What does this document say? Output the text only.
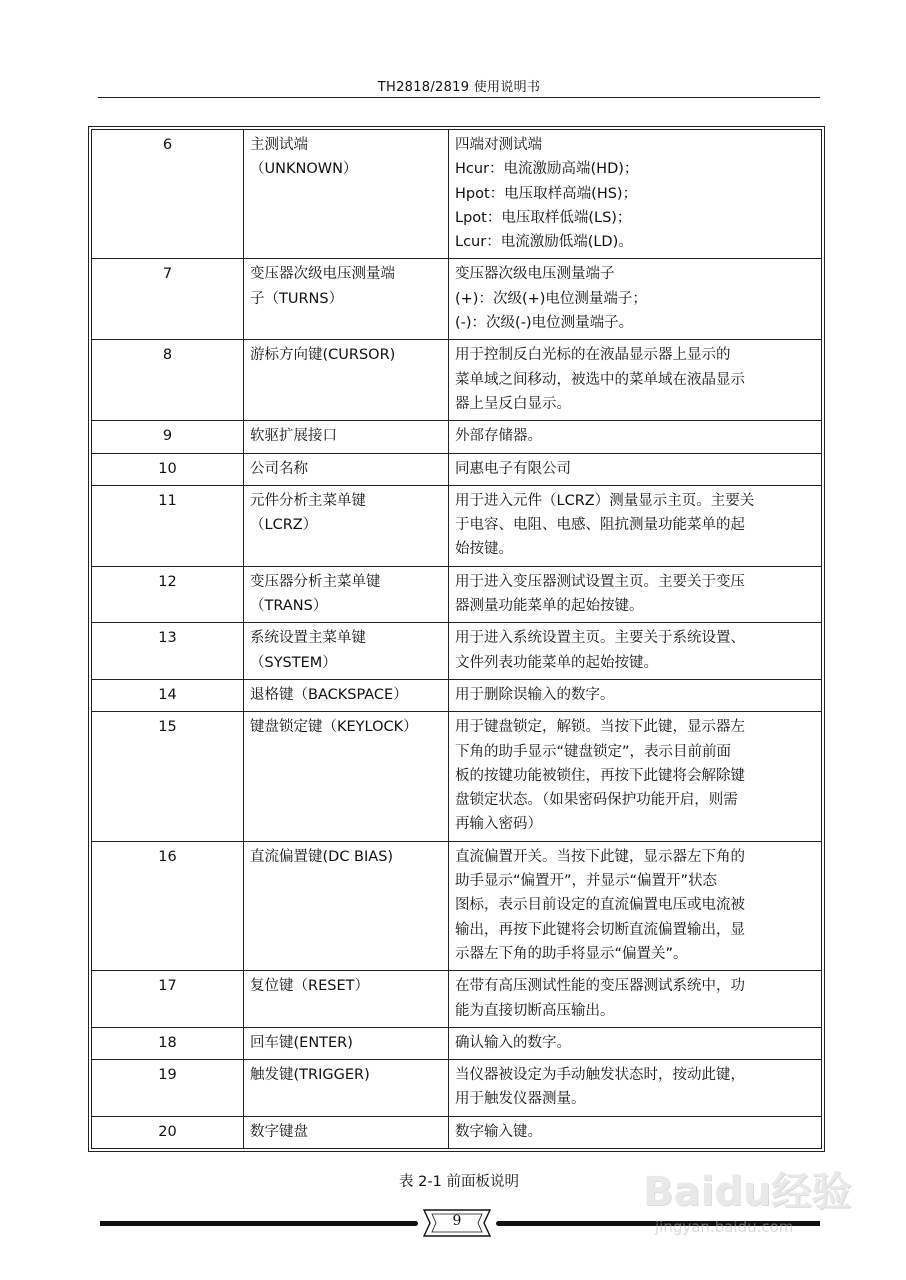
TH2818/2819 使用说明书
6	主测试端
（UNKNOWN）	四端对测试端
Hcur：电流激励高端(HD)；
Hpot：电压取样高端(HS)；
Lpot：电压取样低端(LS)；
Lcur：电流激励低端(LD)。

7	变压器次级电压测量端
子（TURNS）	变压器次级电压测量端子
(+)：次级(+)电位测量端子；
(-)：次级(-)电位测量端子。

8	游标方向键(CURSOR)	用于控制反白光标的在液晶显示器上显示的
菜单域之间移动，被选中的菜单域在液晶显示
器上呈反白显示。

9	软驱扩展接口	外部存储器。

10	公司名称	同惠电子有限公司

11	元件分析主菜单键
（LCRZ）	用于进入元件（LCRZ）测量显示主页。主要关
于电容、电阻、电感、阻抗测量功能菜单的起
始按键。

12	变压器分析主菜单键
（TRANS）	用于进入变压器测试设置主页。主要关于变压
器测量功能菜单的起始按键。

13	系统设置主菜单键
（SYSTEM）	用于进入系统设置主页。主要关于系统设置、
文件列表功能菜单的起始按键。

14	退格键（BACKSPACE）	用于删除误输入的数字。

15	键盘锁定键（KEYLOCK）	用于键盘锁定，解锁。当按下此键，显示器左
下角的助手显示“键盘锁定”，表示目前前面
板的按键功能被锁住，再按下此键将会解除键
盘锁定状态。（如果密码保护功能开启，则需
再输入密码）

16	直流偏置键(DC BIAS)	直流偏置开关。当按下此键，显示器左下角的
助手显示“偏置开”，并显示“偏置开”状态
图标，表示目前设定的直流偏置电压或电流被
输出，再按下此键将会切断直流偏置输出，显
示器左下角的助手将显示“偏置关”。

17	复位键（RESET）	在带有高压测试性能的变压器测试系统中，功
能为直接切断高压输出。

18	回车键(ENTER)	确认输入的数字。

19	触发键(TRIGGER)	当仪器被设定为手动触发状态时，按动此键，
用于触发仪器测量。

20	数字键盘	数字输入键。
表 2-1 前面板说明
9
Baidu经验
jingyan.baidu.com
